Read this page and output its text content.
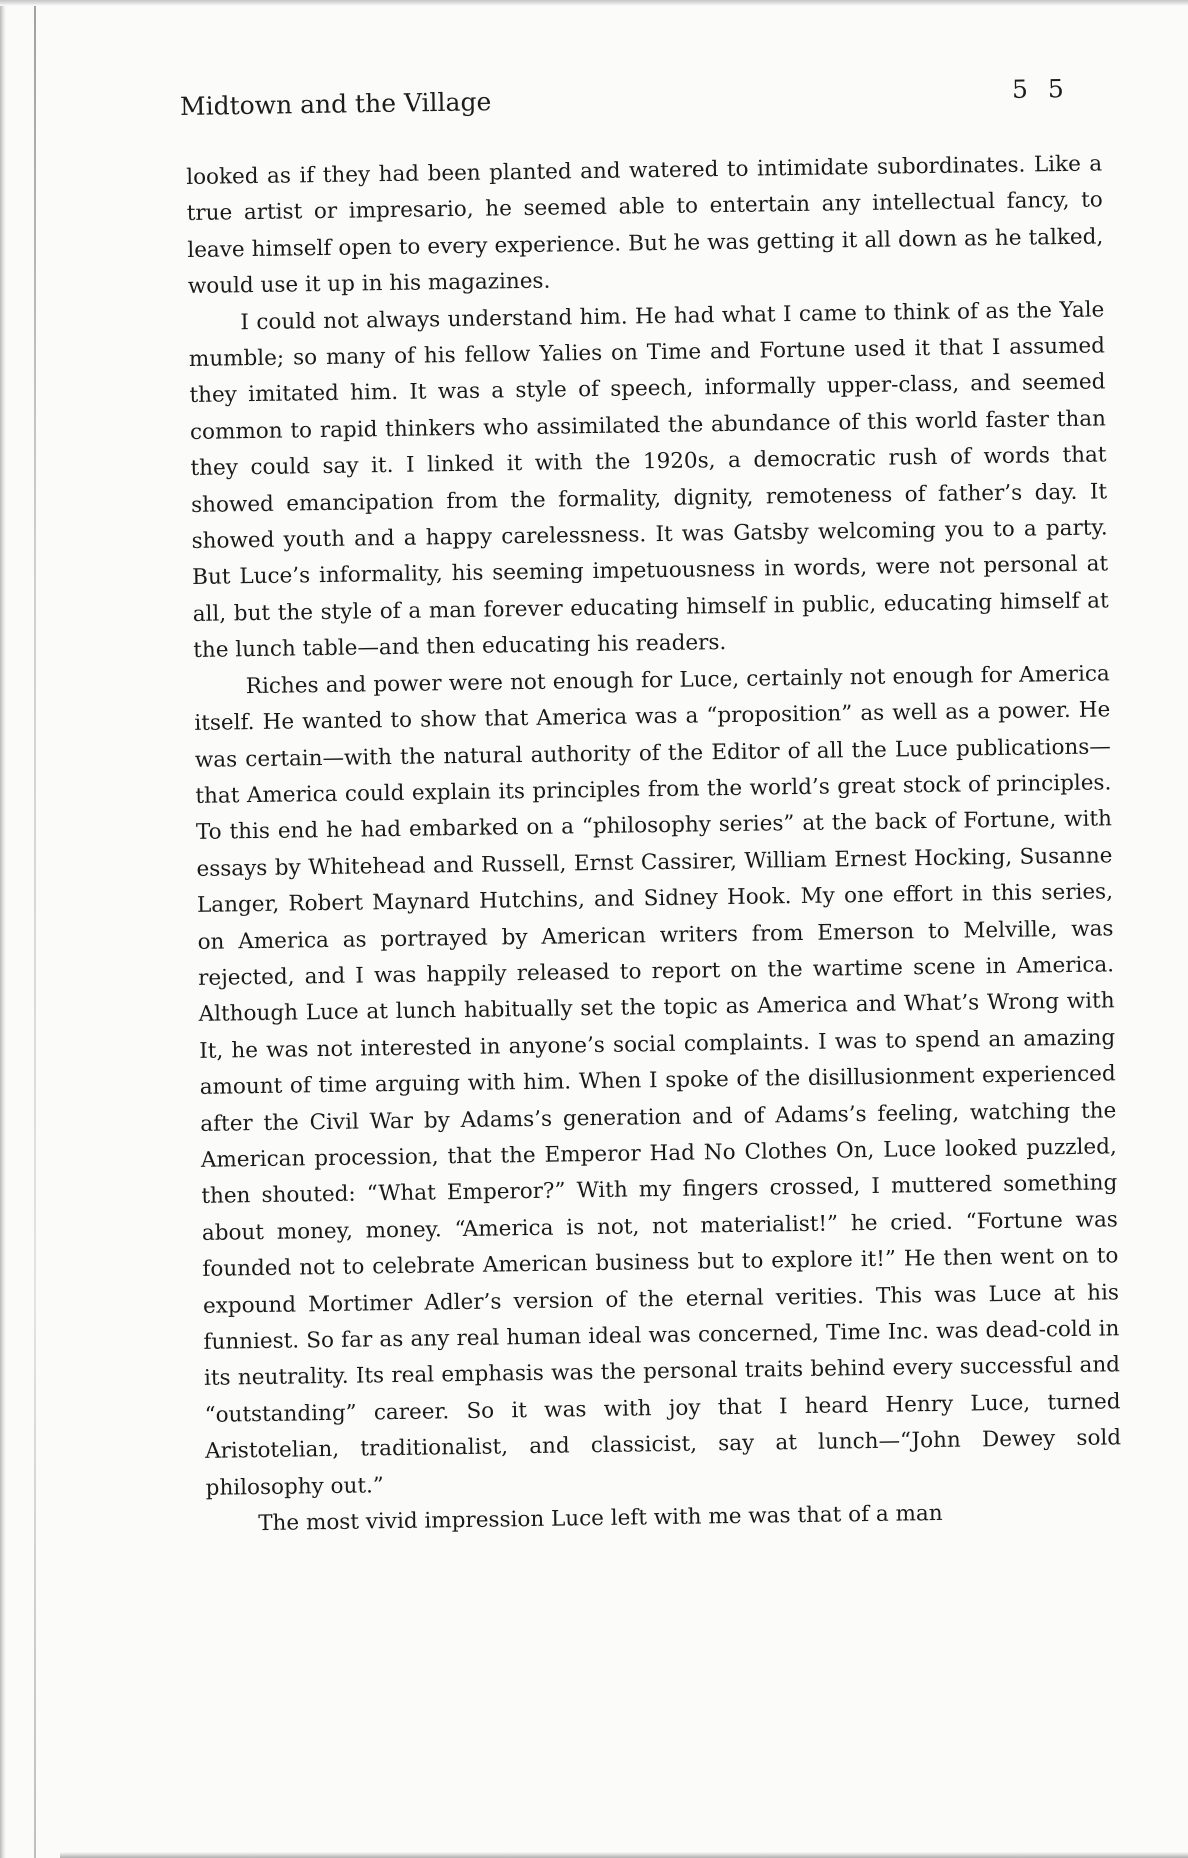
Midtown and the Village	5 5

looked as if they had been planted and watered to intimidate subordinates. Like a true artist or impresario, he seemed able to entertain any intellectual fancy, to leave himself open to every experience. But he was getting it all down as he talked, would use it up in his magazines.

I could not always understand him. He had what I came to think of as the Yale mumble; so many of his fellow Yalies on Time and Fortune used it that I assumed they imitated him. It was a style of speech, informally upper-class, and seemed common to rapid thinkers who assimilated the abundance of this world faster than they could say it. I linked it with the 1920s, a democratic rush of words that showed emancipation from the formality, dignity, remoteness of father’s day. It showed youth and a happy carelessness. It was Gatsby welcoming you to a party. But Luce’s informality, his seeming impetuousness in words, were not personal at all, but the style of a man forever educating himself in public, educating himself at the lunch table—and then educating his readers.

Riches and power were not enough for Luce, certainly not enough for America itself. He wanted to show that America was a “proposition” as well as a power. He was certain—with the natural authority of the Editor of all the Luce publications—that America could explain its principles from the world’s great stock of principles. To this end he had embarked on a “philosophy series” at the back of Fortune, with essays by Whitehead and Russell, Ernst Cassirer, William Ernest Hocking, Susanne Langer, Robert Maynard Hutchins, and Sidney Hook. My one effort in this series, on America as portrayed by American writers from Emerson to Melville, was rejected, and I was happily released to report on the wartime scene in America. Although Luce at lunch habitually set the topic as America and What’s Wrong with It, he was not interested in anyone’s social complaints. I was to spend an amazing amount of time arguing with him. When I spoke of the disillusionment experienced after the Civil War by Adams’s generation and of Adams’s feeling, watching the American procession, that the Emperor Had No Clothes On, Luce looked puzzled, then shouted: “What Emperor?” With my fingers crossed, I muttered something about money, money. “America is not, not materialist!” he cried. “Fortune was founded not to celebrate American business but to explore it!” He then went on to expound Mortimer Adler’s version of the eternal verities. This was Luce at his funniest. So far as any real human ideal was concerned, Time Inc. was dead-cold in its neutrality. Its real emphasis was the personal traits behind every successful and “outstanding” career. So it was with joy that I heard Henry Luce, turned Aristotelian, traditionalist, and classicist, say at lunch—“John Dewey sold philosophy out.”

The most vivid impression Luce left with me was that of a man
